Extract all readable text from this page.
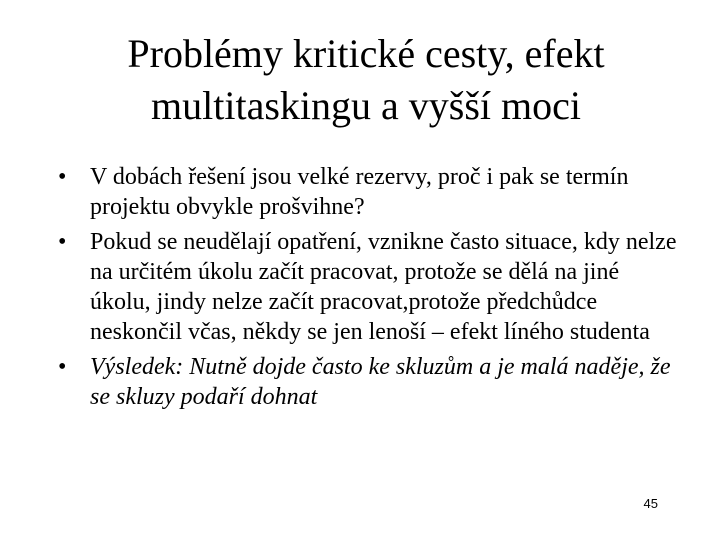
Problémy kritické cesty, efekt
multitaskingu a vyšší moci
• V dobách řešení jsou velké rezervy, proč i pak se termín projektu obvykle prošvihne?
• Pokud se neudělají opatření, vznikne často situace, kdy nelze na určitém úkolu začít pracovat, protože se dělá na jiné úkolu, jindy nelze začít pracovat,protože předchůdce neskončil včas, někdy se jen lenoší – efekt líného studenta
• Výsledek: Nutně dojde často ke skluzům a je malá naděje, že se skluzy podaří dohnat
45
